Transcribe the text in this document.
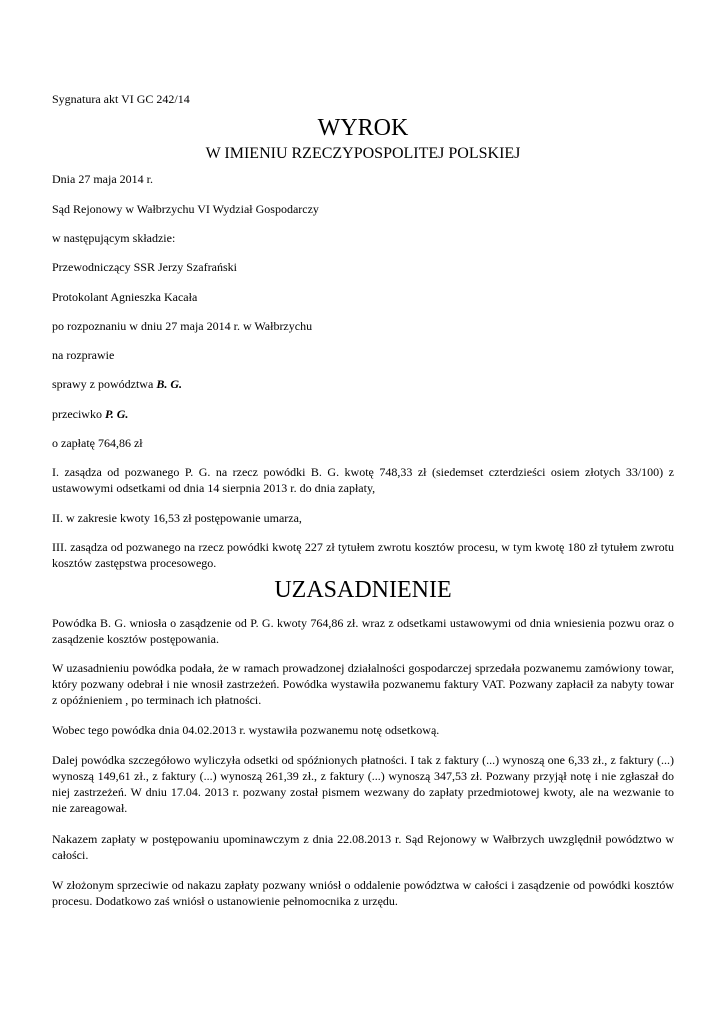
Sygnatura akt VI GC 242/14
WYROK
W IMIENIU RZECZYPOSPOLITEJ POLSKIEJ
Dnia 27 maja 2014 r.
Sąd Rejonowy w Wałbrzychu VI Wydział Gospodarczy
w następującym składzie:
Przewodniczący SSR Jerzy Szafrański
Protokolant Agnieszka Kacała
po rozpoznaniu w dniu 27 maja 2014 r. w Wałbrzychu
na rozprawie
sprawy z powództwa B. G.
przeciwko P. G.
o zapłatę 764,86 zł
I. zasądza od pozwanego P. G. na rzecz powódki B. G. kwotę 748,33 zł (siedemset czterdzieści osiem złotych 33/100) z ustawowymi odsetkami od dnia 14 sierpnia 2013 r. do dnia zapłaty,
II. w zakresie kwoty 16,53 zł postępowanie umarza,
III. zasądza od pozwanego na rzecz powódki kwotę 227 zł tytułem zwrotu kosztów procesu, w tym kwotę 180 zł tytułem zwrotu kosztów zastępstwa procesowego.
UZASADNIENIE
Powódka B. G. wniosła o zasądzenie od P. G. kwoty 764,86 zł. wraz z odsetkami ustawowymi od dnia wniesienia pozwu oraz o zasądzenie kosztów postępowania.
W uzasadnieniu powódka podała, że w ramach prowadzonej działalności gospodarczej sprzedała pozwanemu zamówiony towar, który pozwany odebrał i nie wnosił zastrzeżeń. Powódka wystawiła pozwanemu faktury VAT. Pozwany zapłacił za nabyty towar z opóźnieniem , po terminach ich płatności.
Wobec tego powódka dnia 04.02.2013 r. wystawiła pozwanemu notę odsetkową.
Dalej powódka szczegółowo wyliczyła odsetki od spóźnionych płatności. I tak z faktury (...) wynoszą one 6,33 zł., z faktury (...) wynoszą 149,61 zł., z faktury (...) wynoszą 261,39 zł., z faktury (...) wynoszą 347,53 zł. Pozwany przyjął notę i nie zgłaszał do niej zastrzeżeń. W dniu 17.04. 2013 r. pozwany został pismem wezwany do zapłaty przedmiotowej kwoty, ale na wezwanie to nie zareagował.
Nakazem zapłaty w postępowaniu upominawczym z dnia 22.08.2013 r. Sąd Rejonowy w Wałbrzych uwzględnił powództwo w całości.
W złożonym sprzeciwie od nakazu zapłaty pozwany wniósł o oddalenie powództwa w całości i zasądzenie od powódki kosztów procesu. Dodatkowo zaś wniósł o ustanowienie pełnomocnika z urzędu.
